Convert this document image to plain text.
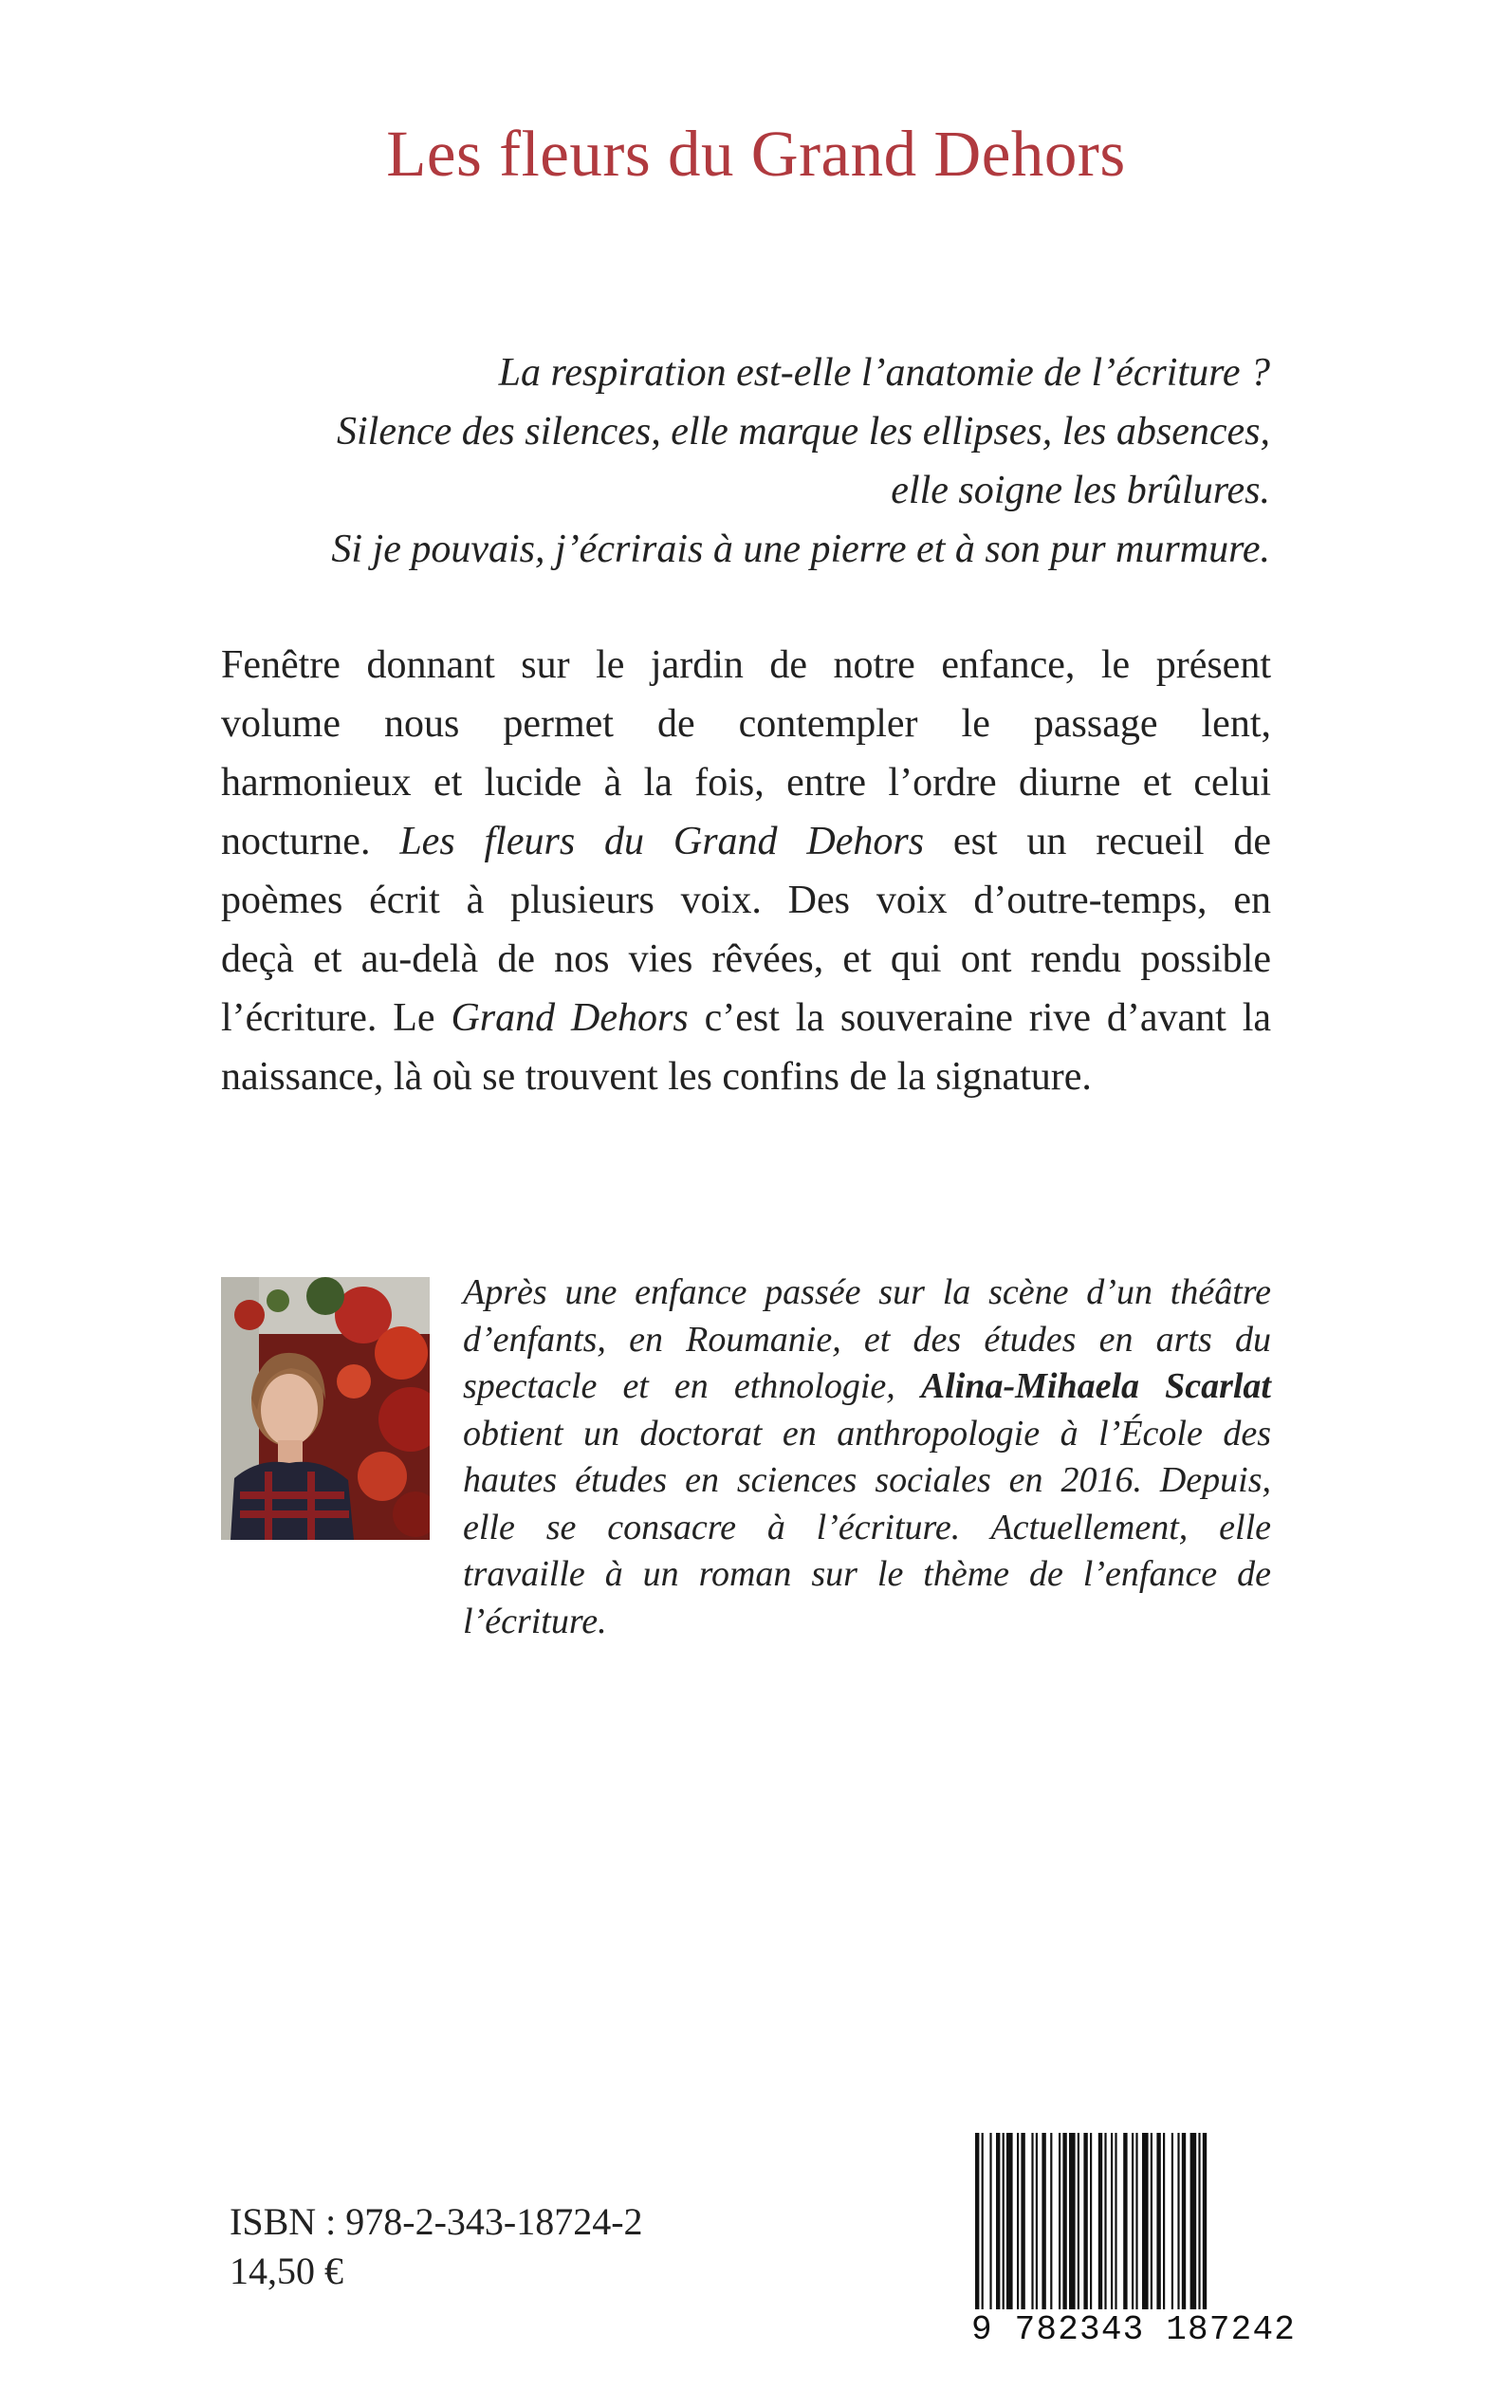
Les fleurs du Grand Dehors
La respiration est-elle l’anatomie de l’écriture ?
Silence des silences, elle marque les ellipses, les absences,
elle soigne les brûlures.
Si je pouvais, j’écrirais à une pierre et à son pur murmure.
Fenêtre donnant sur le jardin de notre enfance, le présent
volume nous permet de contempler le passage lent,
harmonieux et lucide à la fois, entre l’ordre diurne et celui
nocturne. Les fleurs du Grand Dehors est un recueil de
poèmes écrit à plusieurs voix. Des voix d’outre-temps, en
deçà et au-delà de nos vies rêvées, et qui ont rendu possible
l’écriture. Le Grand Dehors c’est la souveraine rive d’avant la
naissance, là où se trouvent les confins de la signature.
Après une enfance passée sur la scène d’un théâtre
d’enfants, en Roumanie, et des études en arts du
spectacle et en ethnologie, Alina-Mihaela Scarlat
obtient un doctorat en anthropologie à l’École des
hautes études en sciences sociales en 2016. Depuis,
elle se consacre à l’écriture. Actuellement, elle
travaille à un roman sur le thème de l’enfance de
l’écriture.
ISBN : 978-2-343-18724-2
14,50 €
9 782343 187242
